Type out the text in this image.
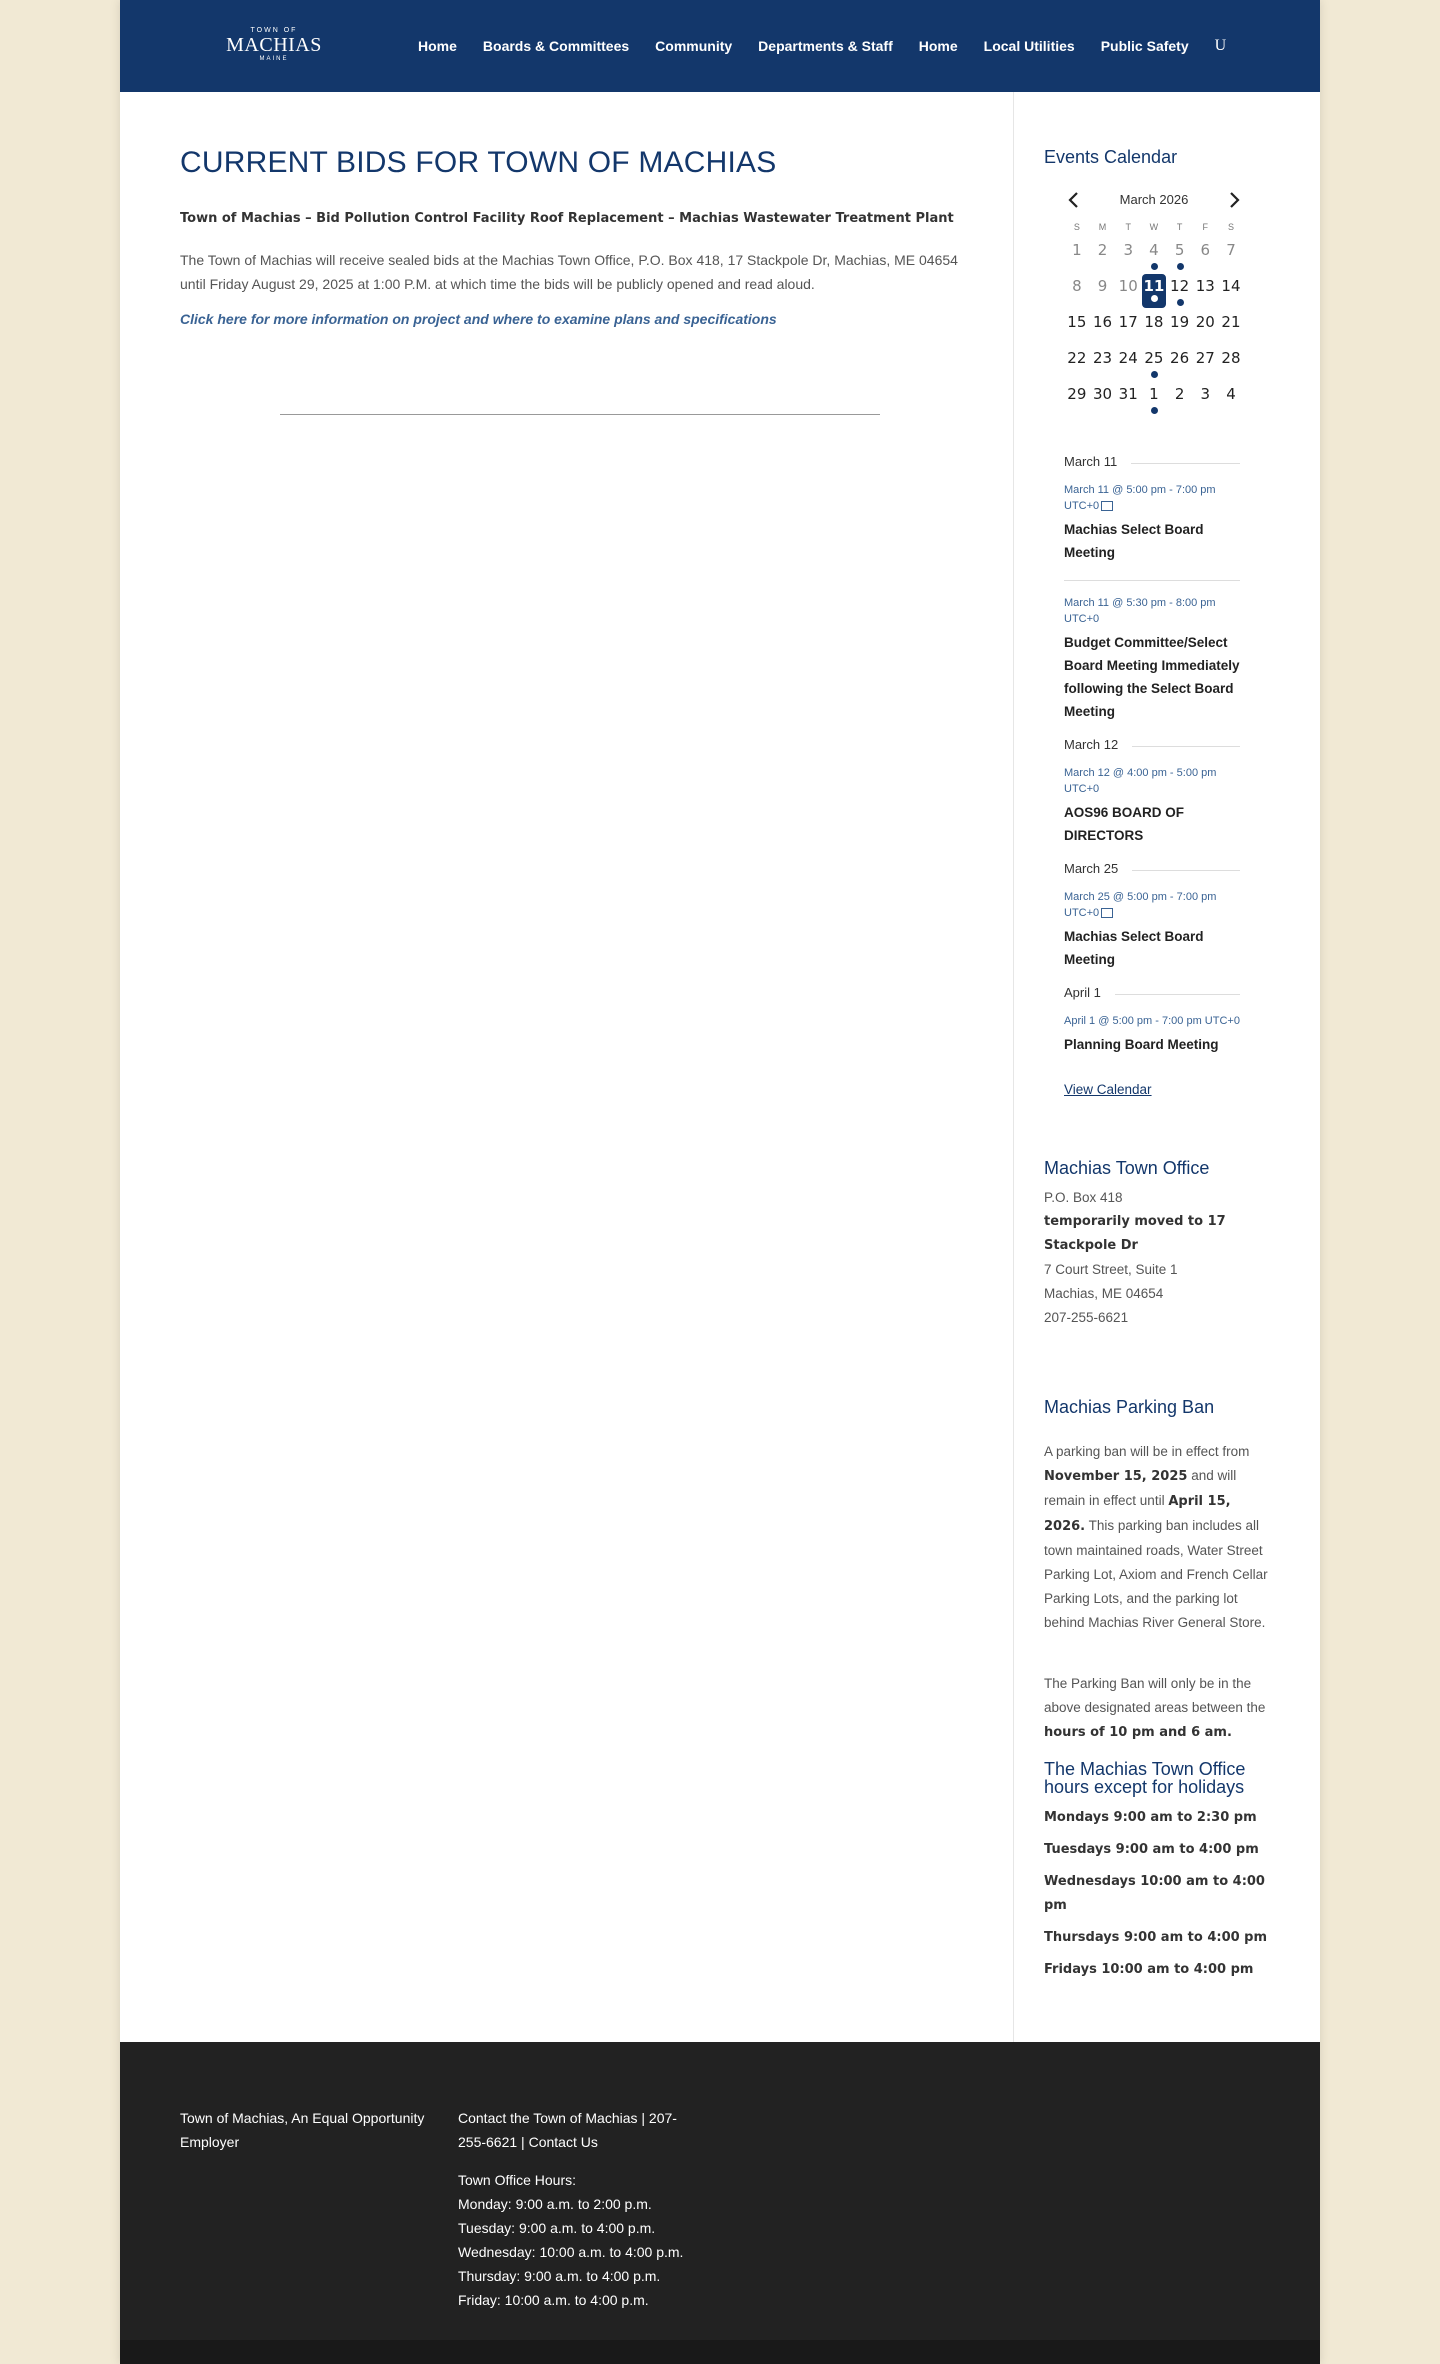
TOWN OF
MACHIAS
MAINE
Home Boards & Committees Community Departments & Staff Home Local Utilities Public Safety U
CURRENT BIDS FOR TOWN OF MACHIAS
Town of Machias – Bid Pollution Control Facility Roof Replacement – Machias Wastewater Treatment Plant

The Town of Machias will receive sealed bids at the Machias Town Office, P.O. Box 418, 17 Stackpole Dr, Machias, ME 04654 until Friday August 29, 2025 at 1:00 P.M. at which time the bids will be publicly opened and read aloud.

Click here for more information on project and where to examine plans and specifications
Events Calendar
March 2026
S	M	T	W	T	F	S
1	2	3	4	5	6	7
8	9 10 11 12 13 14
15 16 17 18 19 20 21
22 23 24 25 26 27 28
29 30 31 1	2	3	4
March 11
March 11 @ 5:00 pm - 7:00 pm UTC+0
Machias Select Board Meeting
March 11 @ 5:30 pm - 8:00 pm UTC+0
Budget Committee/Select Board Meeting Immediately following the Select Board Meeting
March 12
March 12 @ 4:00 pm - 5:00 pm UTC+0
AOS96 BOARD OF DIRECTORS
March 25
March 25 @ 5:00 pm - 7:00 pm UTC+0
Machias Select Board Meeting
April 1
April 1 @ 5:00 pm - 7:00 pm UTC+0
Planning Board Meeting
View Calendar
Machias Town Office
P.O. Box 418
temporarily moved to 17 Stackpole Dr
7 Court Street, Suite 1
Machias, ME 04654
207-255-6621
Machias Parking Ban

A parking ban will be in effect from November 15, 2025 and will remain in effect until April 15, 2026. This parking ban includes all town maintained roads, Water Street Parking Lot, Axiom and French Cellar Parking Lots, and the parking lot behind Machias River General Store.

The Parking Ban will only be in the above designated areas between the hours of 10 pm and 6 am.

The Machias Town Office hours except for holidays
Mondays 9:00 am to 2:30 pm
Tuesdays 9:00 am to 4:00 pm
Wednesdays 10:00 am to 4:00 pm
Thursdays 9:00 am to 4:00 pm
Fridays 10:00 am to 4:00 pm
Town of Machias, An Equal Opportunity Employer
Contact the Town of Machias | 207-255-6621 | Contact Us
Town Office Hours:
Monday: 9:00 a.m. to 2:00 p.m.
Tuesday: 9:00 a.m. to 4:00 p.m.
Wednesday: 10:00 a.m. to 4:00 p.m.
Thursday: 9:00 a.m. to 4:00 p.m.
Friday: 10:00 a.m. to 4:00 p.m.
